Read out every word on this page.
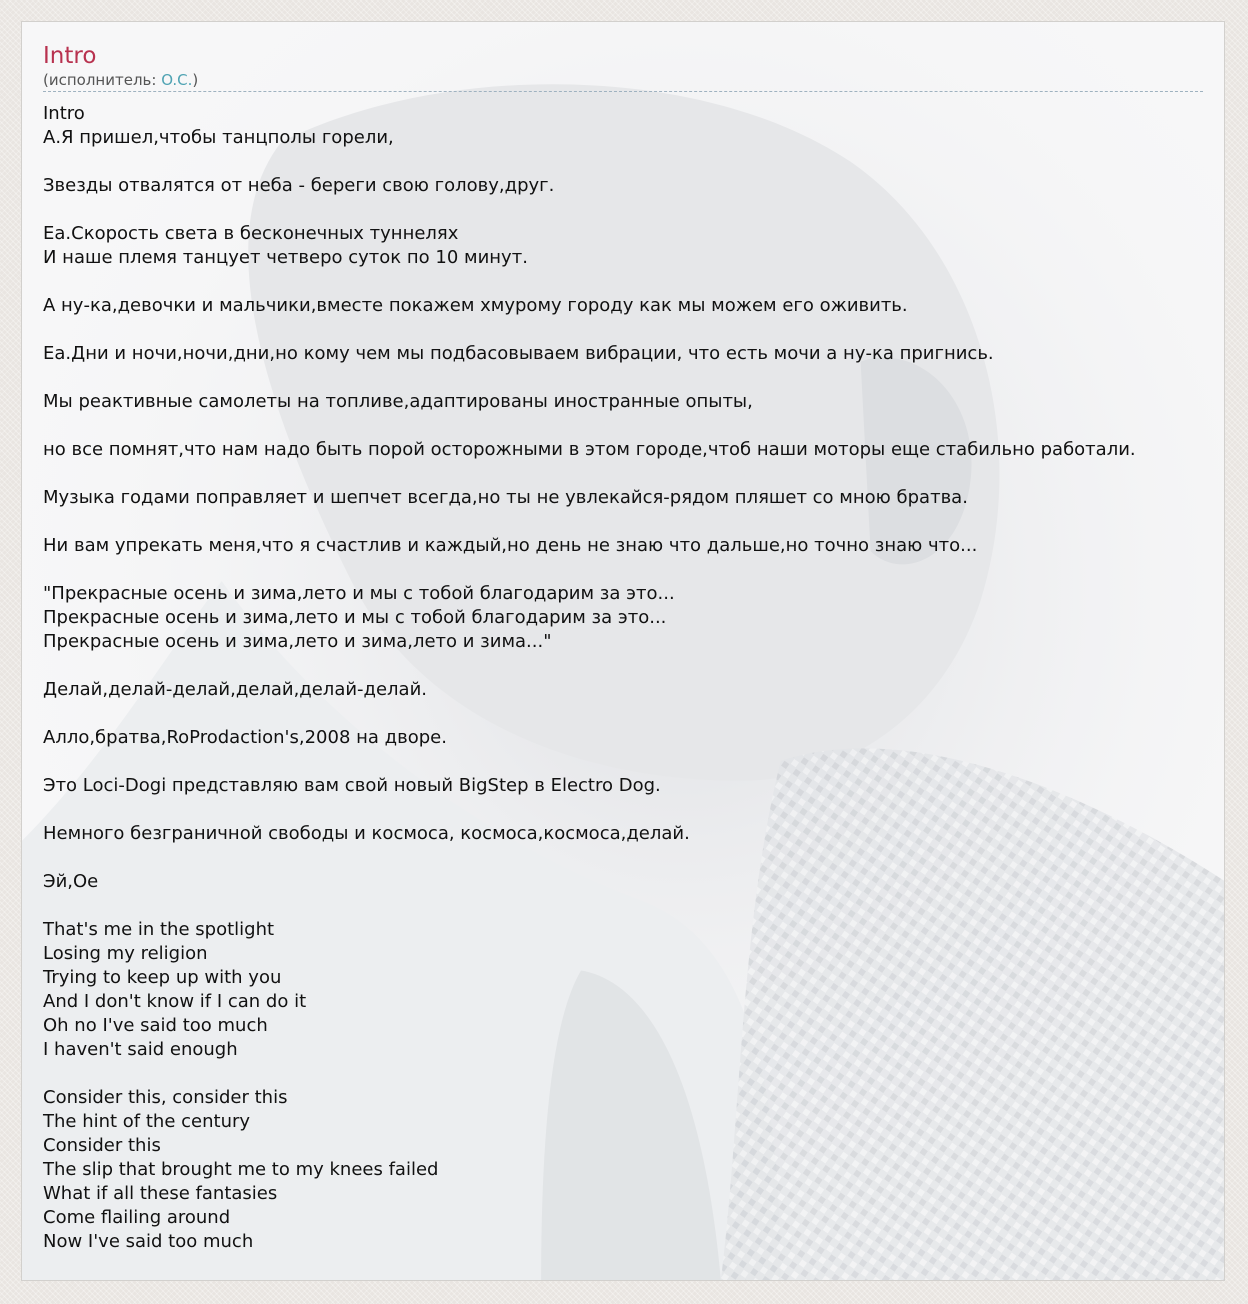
Intro
(исполнитель: O.C.)
Intro
А.Я пришел,чтобы танцполы горели,

Звезды отвалятся от неба - береги свою голову,друг.

Еа.Скорость света в бесконечных туннелях
И наше племя танцует четверо суток по 10 минут.

А ну-ка,девочки и мальчики,вместе покажем хмурому городу как мы можем его оживить.

Еа.Дни и ночи,ночи,дни,но кому чем мы подбасовываем вибрации, что есть мочи а ну-ка пригнись.

Мы реактивные самолеты на топливе,адаптированы иностранные опыты,

но все помнят,что нам надо быть порой осторожными в этом городе,чтоб наши моторы еще стабильно работали.

Музыка годами поправляет и шепчет всегда,но ты не увлекайся-рядом пляшет со мною братва.

Ни вам упрекать меня,что я счастлив и каждый,но день не знаю что дальше,но точно знаю что...

"Прекрасные осень и зима,лето и мы с тобой благодарим за это...
Прекрасные осень и зима,лето и мы с тобой благодарим за это...
Прекрасные осень и зима,лето и зима,лето и зима..."

Делай,делай-делай,делай,делай-делай.

Алло,братва,RoProdaction's,2008 на дворе.

Это Loci-Dogi представляю вам свой новый BigStep в Electro Dog.

Немного безграничной свободы и космоса, космоса,космоса,делай.

Эй,Ое

That's me in the spotlight
Losing my religion
Trying to keep up with you
And I don't know if I can do it
Oh no I've said too much
I haven't said enough

Consider this, consider this
The hint of the century
Consider this
The slip that brought me to my knees failed
What if all these fantasies
Come flailing around
Now I've said too much
